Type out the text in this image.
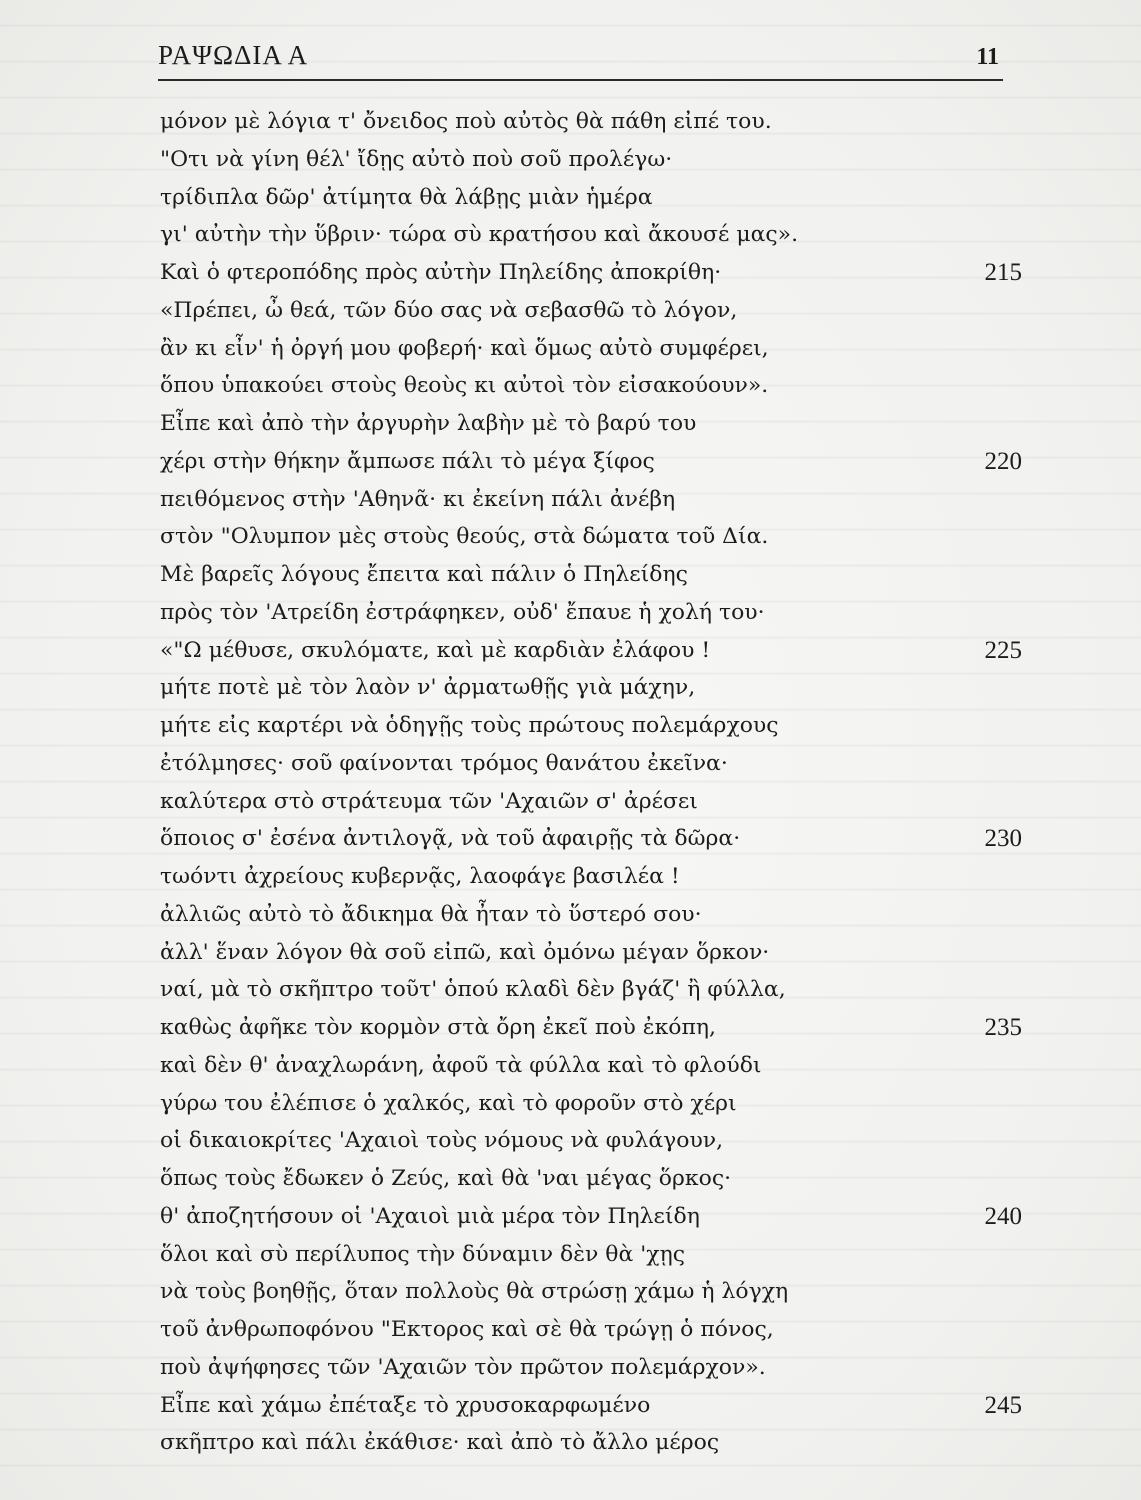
ΡΑΨΩΔΙΑ Α	11
μόνον μὲ λόγια τ' ὄνειδος ποὺ αὐτὸς θὰ πάθη εἰπέ του.
"Οτι νὰ γίνη θέλ' ἴδῃς αὐτὸ ποὺ σοῦ προλέγω·
τρίδιπλα δῶρ' ἀτίμητα θὰ λάβῃς μιὰν ἡμέρα
γι' αὐτὴν τὴν ὕβριν· τώρα σὺ κρατήσου καὶ ἄκουσέ μας».
Καὶ ὁ φτεροπόδης πρὸς αὐτὴν Πηλείδης ἀποκρίθη·	215
«Πρέπει, ὦ θεά, τῶν δύο σας νὰ σεβασθῶ τὸ λόγον,
ἂν κι εἶν' ἡ ὀργή μου φοβερή· καὶ ὅμως αὐτὸ συμφέρει,
ὅπου ὑπακούει στοὺς θεοὺς κι αὐτοὶ τὸν εἰσακούουν».
Εἶπε καὶ ἀπὸ τὴν ἀργυρὴν λαβὴν μὲ τὸ βαρύ του
χέρι στὴν θήκην ἄμπωσε πάλι τὸ μέγα ξίφος	220
πειθόμενος στὴν 'Αθηνᾶ· κι ἐκείνη πάλι ἀνέβη
στὸν "Ολυμπον μὲς στοὺς θεούς, στὰ δώματα τοῦ Δία.
Μὲ βαρεῖς λόγους ἔπειτα καὶ πάλιν ὁ Πηλείδης
πρὸς τὸν 'Ατρείδη ἐστράφηκεν, οὐδ' ἔπαυε ἡ χολή του·
«"Ω μέθυσε, σκυλόματε, καὶ μὲ καρδιὰν ἐλάφου !	225
μήτε ποτὲ μὲ τὸν λαὸν ν' ἀρματωθῇς γιὰ μάχην,
μήτε εἰς καρτέρι νὰ ὁδηγῇς τοὺς πρώτους πολεμάρχους
ἐτόλμησες· σοῦ φαίνονται τρόμος θανάτου ἐκεῖνα·
καλύτερα στὸ στράτευμα τῶν 'Αχαιῶν σ' ἀρέσει
ὅποιος σ' ἐσένα ἀντιλογᾷ, νὰ τοῦ ἀφαιρῇς τὰ δῶρα·	230
τωόντι ἀχρείους κυβερνᾷς, λαοφάγε βασιλέα !
ἀλλιῶς αὐτὸ τὸ ἄδικημα θὰ ἦταν τὸ ὕστερό σου·
ἀλλ' ἕναν λόγον θὰ σοῦ εἰπῶ, καὶ ὀμόνω μέγαν ὅρκον·
ναί, μὰ τὸ σκῆπτρο τοῦτ' ὁπού κλαδὶ δὲν βγάζ' ἢ φύλλα,
καθὼς ἀφῆκε τὸν κορμὸν στὰ ὄρη ἐκεῖ ποὺ ἐκόπη,	235
καὶ δὲν θ' ἀναχλωράνη, ἀφοῦ τὰ φύλλα καὶ τὸ φλούδι
γύρω του ἐλέπισε ὁ χαλκός, καὶ τὸ φοροῦν στὸ χέρι
οἱ δικαιοκρίτες 'Αχαιοὶ τοὺς νόμους νὰ φυλάγουν,
ὅπως τοὺς ἔδωκεν ὁ Ζεύς, καὶ θὰ 'ναι μέγας ὅρκος·
θ' ἀποζητήσουν οἱ 'Αχαιοὶ μιὰ μέρα τὸν Πηλείδη	240
ὅλοι καὶ σὺ περίλυπος τὴν δύναμιν δὲν θὰ 'χῃς
νὰ τοὺς βοηθῇς, ὅταν πολλοὺς θὰ στρώσῃ χάμω ἡ λόγχη
τοῦ ἀνθρωποφόνου "Εκτορος καὶ σὲ θὰ τρώγῃ ὁ πόνος,
ποὺ ἀψήφησες τῶν 'Αχαιῶν τὸν πρῶτον πολεμάρχον».
Εἶπε καὶ χάμω ἐπέταξε τὸ χρυσοκαρφωμένο	245
σκῆπτρο καὶ πάλι ἐκάθισε· καὶ ἀπὸ τὸ ἄλλο μέρος
